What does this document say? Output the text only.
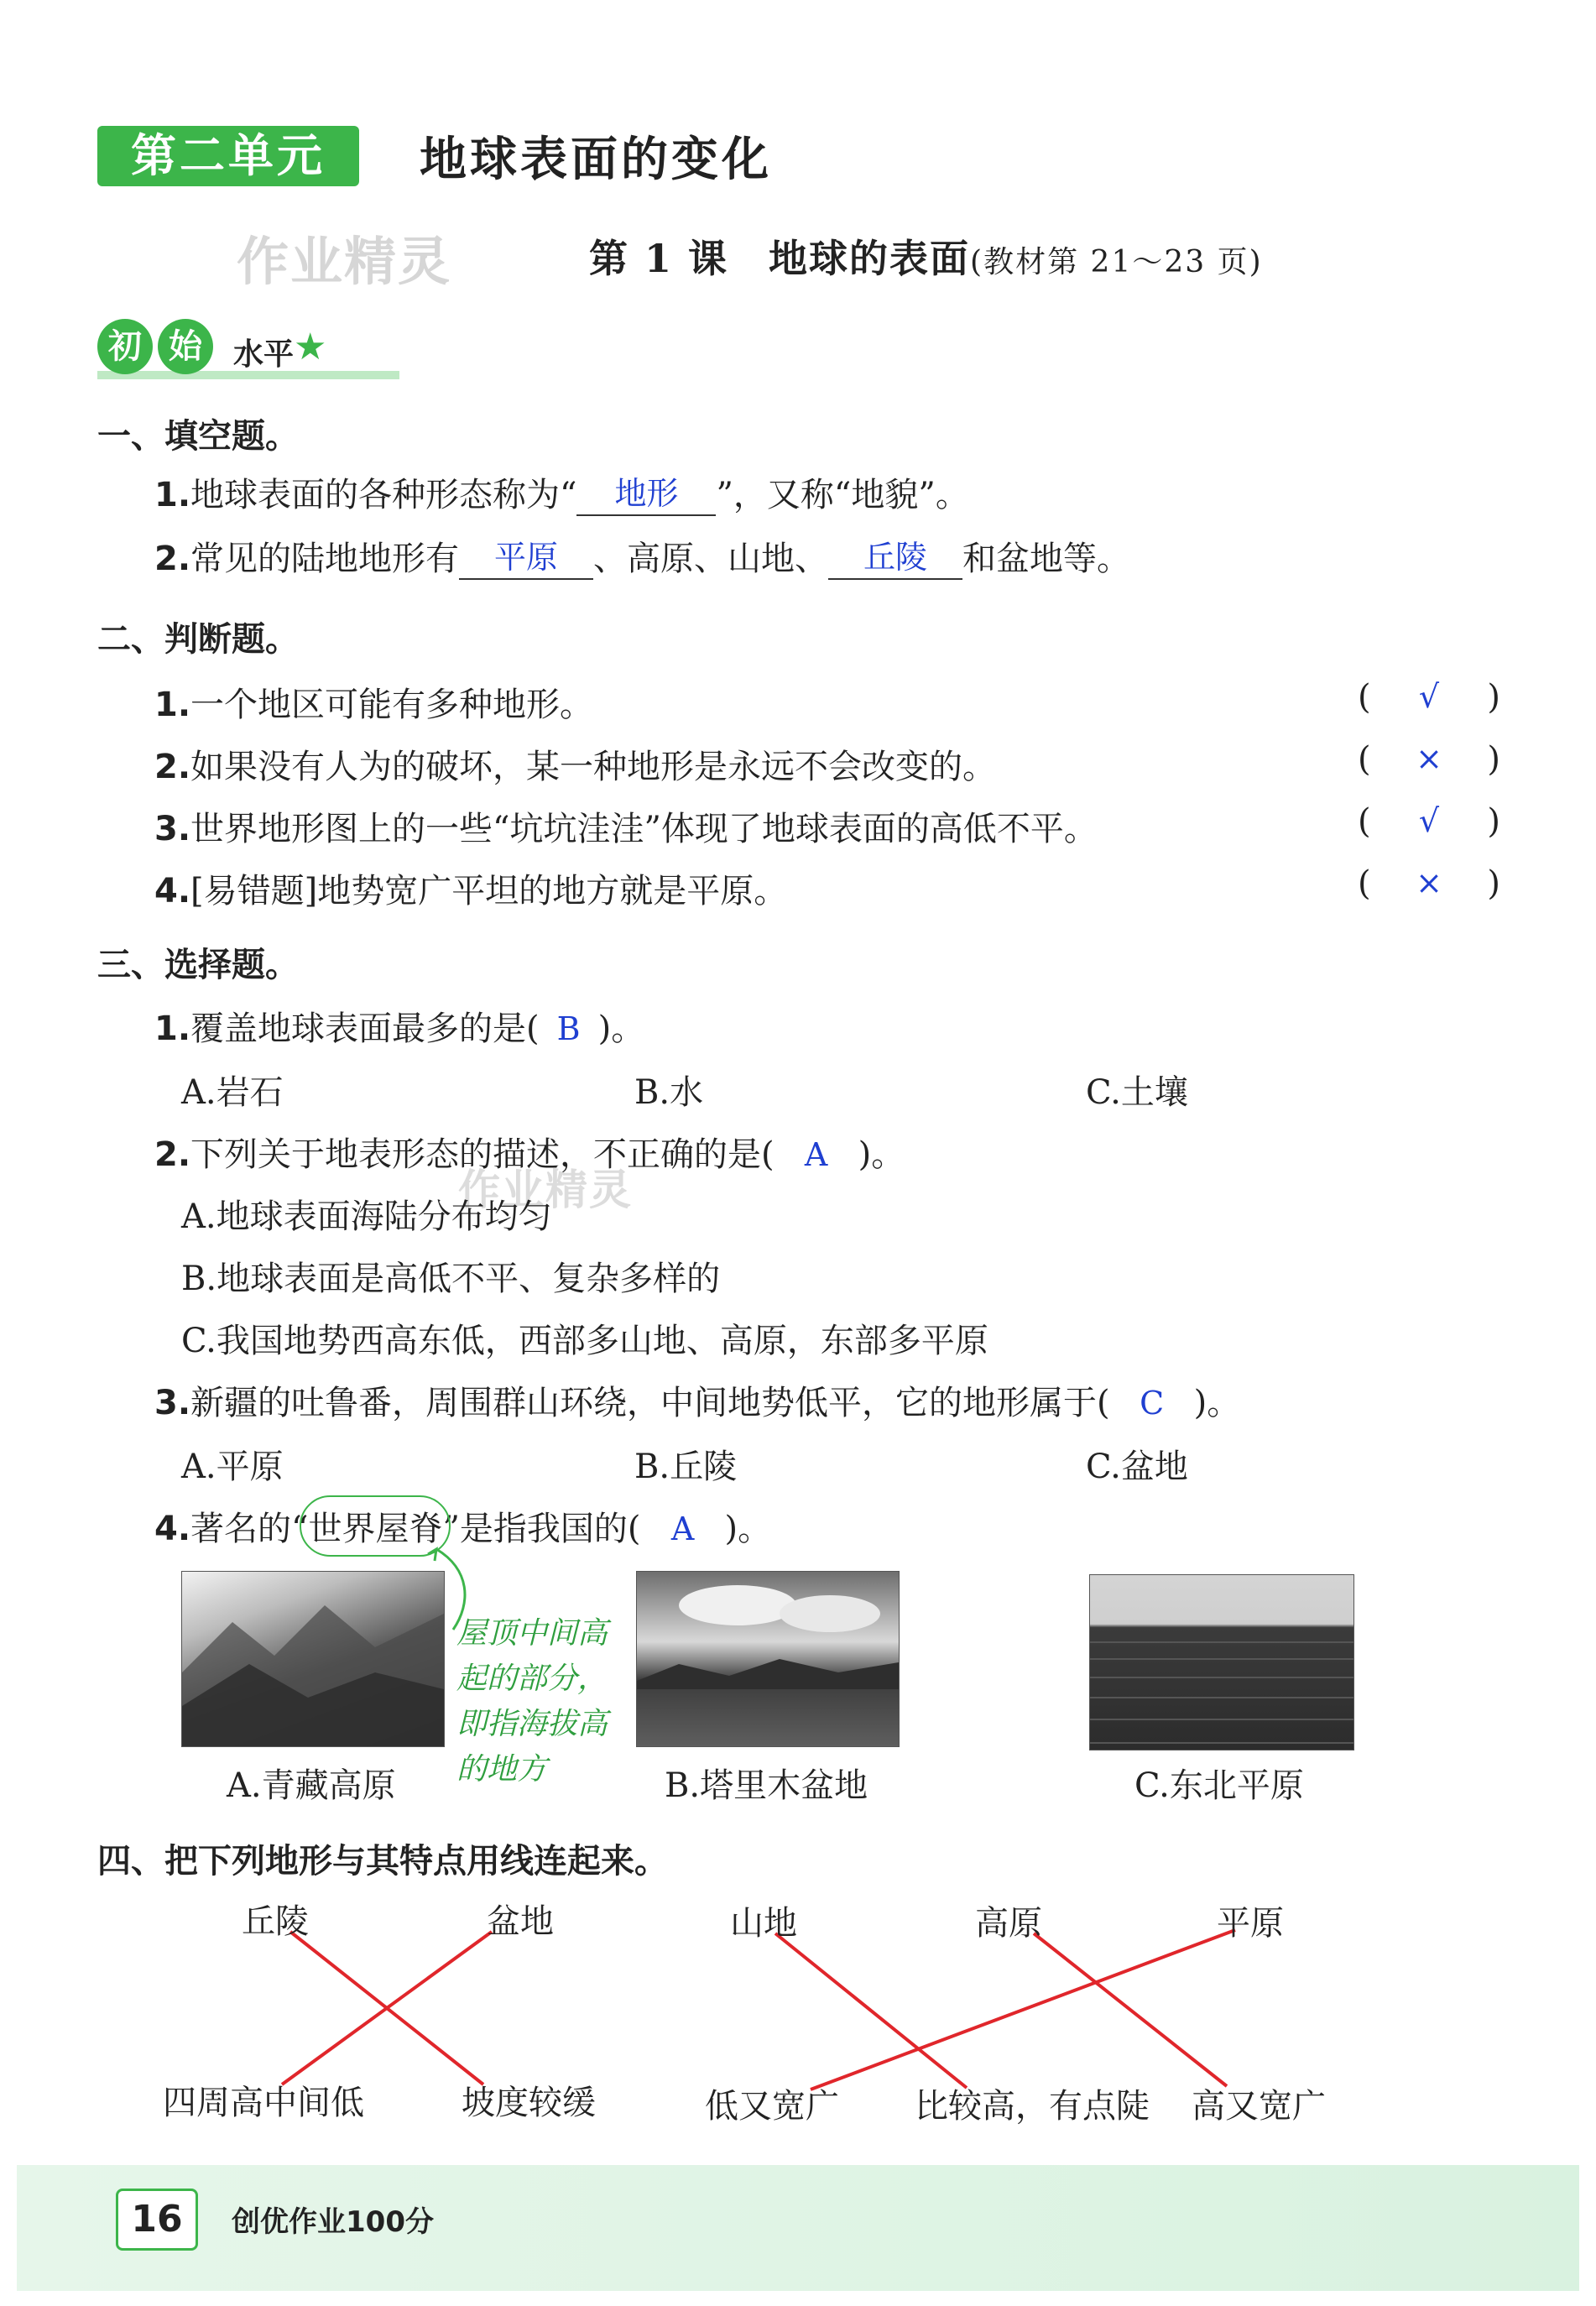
第二单元	地球表面的变化
作业精灵	第 1 课　地球的表面(教材第 21～23 页)
初 始	水平 ★
一、填空题。
1.地球表面的各种形态称为“	地形	”，又称“地貌”。
2.常见的陆地地形有	平原	、高原、山地、	丘陵	和盆地等。
二、判断题。
1.一个地区可能有多种地形。	( √ )
2.如果没有人为的破坏，某一种地形是永远不会改变的。	( × )
3.世界地形图上的一些“坑坑洼洼”体现了地球表面的高低不平。	( √ )
4.[易错题]地势宽广平坦的地方就是平原。	( × )
三、选择题。
1.覆盖地球表面最多的是( B )。
A.岩石	B.水	C.土壤
2.下列关于地表形态的描述，不正确的是( A )。
作业精灵
A.地球表面海陆分布均匀
B.地球表面是高低不平、复杂多样的
C.我国地势西高东低，西部多山地、高原，东部多平原
3.新疆的吐鲁番，周围群山环绕，中间地势低平，它的地形属于( C )。
A.平原	B.丘陵	C.盆地
4.著名的“世界屋脊
”是指我国的( A )。
屋顶中间高
起的部分，
即指海拔高
的地方
A.青藏高原	B.塔里木盆地	C.东北平原
四、把下列地形与其特点用线连起来。
丘陵	盆地	山地	高原	平原
四周高中间低	坡度较缓	低又宽广 比较高，有点陡 高又宽广
16	创优作业100分
